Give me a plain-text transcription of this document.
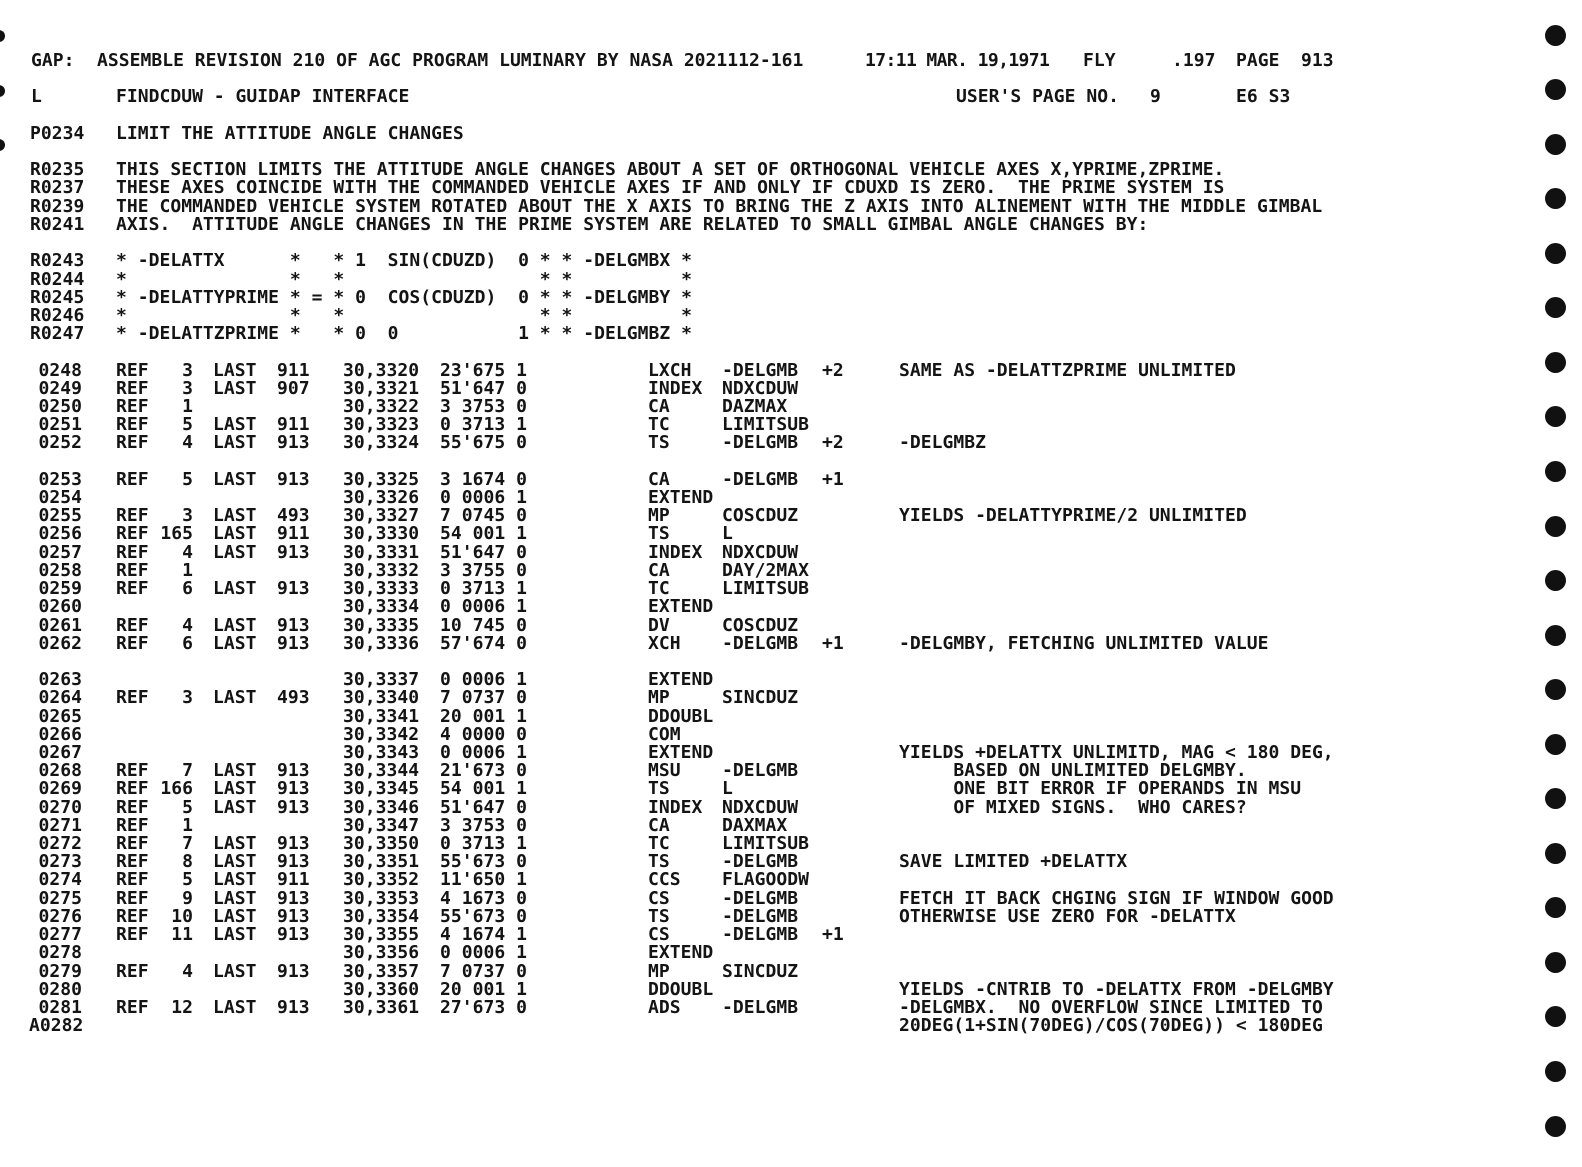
GAP: ASSEMBLE REVISION 210 OF AGC PROGRAM LUMINARY BY NASA 2021112-161	17:11 MAR. 19,1971 FLY	.197 PAGE 913
L	FINDCDUW - GUIDAP INTERFACE	USER'S PAGE NO. 9	E6 S3
P0234 LIMIT THE ATTITUDE ANGLE CHANGES
R0235 THIS SECTION LIMITS THE ATTITUDE ANGLE CHANGES ABOUT A SET OF ORTHOGONAL VEHICLE AXES X,YPRIME,ZPRIME.
R0237 THESE AXES COINCIDE WITH THE COMMANDED VEHICLE AXES IF AND ONLY IF CDUXD IS ZERO.  THE PRIME SYSTEM IS
R0239 THE COMMANDED VEHICLE SYSTEM ROTATED ABOUT THE X AXIS TO BRING THE Z AXIS INTO ALINEMENT WITH THE MIDDLE GIMBAL
R0241 AXIS.  ATTITUDE ANGLE CHANGES IN THE PRIME SYSTEM ARE RELATED TO SMALL GIMBAL ANGLE CHANGES BY:
R0243 * -DELATTX      *   * 1  SIN(CDUZD)  0 * * -DELGMBX *
R0244 *               *   *                  * *          *
R0245 * -DELATTYPRIME * = * 0  COS(CDUZD)  0 * * -DELGMBY *
R0246 *               *   *                  * *          *
R0247 * -DELATTZPRIME *   * 0  0           1 * * -DELGMBZ *
0248 REF	3 LAST 911 30,3320 23'675 1	LXCH -DELGMB +2	SAME AS -DELATTZPRIME UNLIMITED
0249 REF	3 LAST 907 30,3321 51'647 0	INDEX NDXCDUW
0250 REF	1	30,3322 3 3753 0	CA	DAZMAX
0251 REF	5 LAST 911 30,3323 0 3713 1	TC	LIMITSUB
0252 REF	4 LAST 913 30,3324 55'675 0	TS	-DELGMB +2	-DELGMBZ
0253 REF	5 LAST 913 30,3325 3 1674 0	CA	-DELGMB +1
0254	30,3326 0 0006 1	EXTEND
0255 REF	3 LAST 493 30,3327 7 0745 0	MP	COSCDUZ	YIELDS -DELATTYPRIME/2 UNLIMITED
0256 REF 165 LAST 911 30,3330 54 001 1	TS	L
0257 REF	4 LAST 913 30,3331 51'647 0	INDEX NDXCDUW
0258 REF	1	30,3332 3 3755 0	CA	DAY/2MAX
0259 REF	6 LAST 913 30,3333 0 3713 1	TC	LIMITSUB
0260	30,3334 0 0006 1	EXTEND
0261 REF	4 LAST 913 30,3335 10 745 0	DV	COSCDUZ
0262 REF	6 LAST 913 30,3336 57'674 0	XCH -DELGMB +1	-DELGMBY, FETCHING UNLIMITED VALUE
0263	30,3337 0 0006 1	EXTEND
0264 REF	3 LAST 493 30,3340 7 0737 0	MP	SINCDUZ
0265	30,3341 20 001 1	DDOUBL
0266	30,3342 4 0000 0	COM
0267	30,3343 0 0006 1	EXTEND	YIELDS +DELATTX UNLIMITD, MAG < 180 DEG,
0268 REF	7 LAST 913 30,3344 21'673 0	MSU -DELGMB	BASED ON UNLIMITED DELGMBY.
0269 REF 166 LAST 913 30,3345 54 001 1	TS	L	ONE BIT ERROR IF OPERANDS IN MSU
0270 REF	5 LAST 913 30,3346 51'647 0	INDEX NDXCDUW	OF MIXED SIGNS.  WHO CARES?
0271 REF	1	30,3347 3 3753 0	CA	DAXMAX
0272 REF	7 LAST 913 30,3350 0 3713 1	TC	LIMITSUB
0273 REF	8 LAST 913 30,3351 55'673 0	TS	-DELGMB	SAVE LIMITED +DELATTX
0274 REF	5 LAST 911 30,3352 11'650 1	CCS FLAGOODW
0275 REF	9 LAST 913 30,3353 4 1673 0	CS	-DELGMB	FETCH IT BACK CHGING SIGN IF WINDOW GOOD
0276 REF	10 LAST 913 30,3354 55'673 0	TS	-DELGMB	OTHERWISE USE ZERO FOR -DELATTX
0277 REF	11 LAST 913 30,3355 4 1674 1	CS	-DELGMB +1
0278	30,3356 0 0006 1	EXTEND
0279 REF	4 LAST 913 30,3357 7 0737 0	MP	SINCDUZ
0280	30,3360 20 001 1	DDOUBL	YIELDS -CNTRIB TO -DELATTX FROM -DELGMBY
0281 REF	12 LAST 913 30,3361 27'673 0	ADS -DELGMB	-DELGMBX.  NO OVERFLOW SINCE LIMITED TO
A0282	20DEG(1+SIN(70DEG)/COS(70DEG)) < 180DEG
